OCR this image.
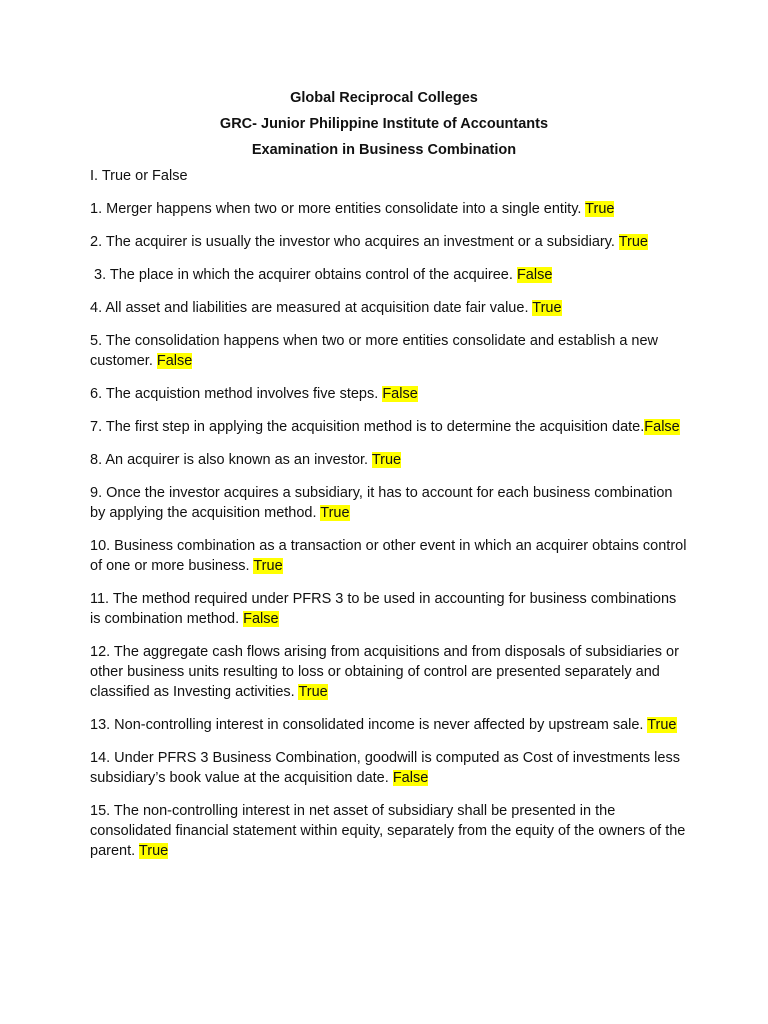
Global Reciprocal Colleges
GRC- Junior Philippine Institute of Accountants
Examination in Business Combination
I. True or False
1. Merger happens when two or more entities consolidate into a single entity. True
2. The acquirer is usually the investor who acquires an investment or a subsidiary. True
3. The place in which the acquirer obtains control of the acquiree. False
4. All asset and liabilities are measured at acquisition date fair value. True
5. The consolidation happens when two or more entities consolidate and establish a new customer. False
6. The acquistion method involves five steps. False
7. The first step in applying the acquisition method is to determine the acquisition date.False
8. An acquirer is also known as an investor. True
9. Once the investor acquires a subsidiary, it has to account for each business combination by applying the acquisition method. True
10. Business combination as a transaction or other event in which an acquirer obtains control of one or more business. True
11. The method required under PFRS 3 to be used in accounting for business combinations is combination method. False
12. The aggregate cash flows arising from acquisitions and from disposals of subsidiaries or other business units resulting to loss or obtaining of control are presented separately and classified as Investing activities. True
13. Non-controlling interest in consolidated income is never affected by upstream sale. True
14. Under PFRS 3 Business Combination, goodwill is computed as Cost of investments less subsidiary’s book value at the acquisition date. False
15. The non-controlling interest in net asset of subsidiary shall be presented in the consolidated financial statement within equity, separately from the equity of the owners of the parent. True
